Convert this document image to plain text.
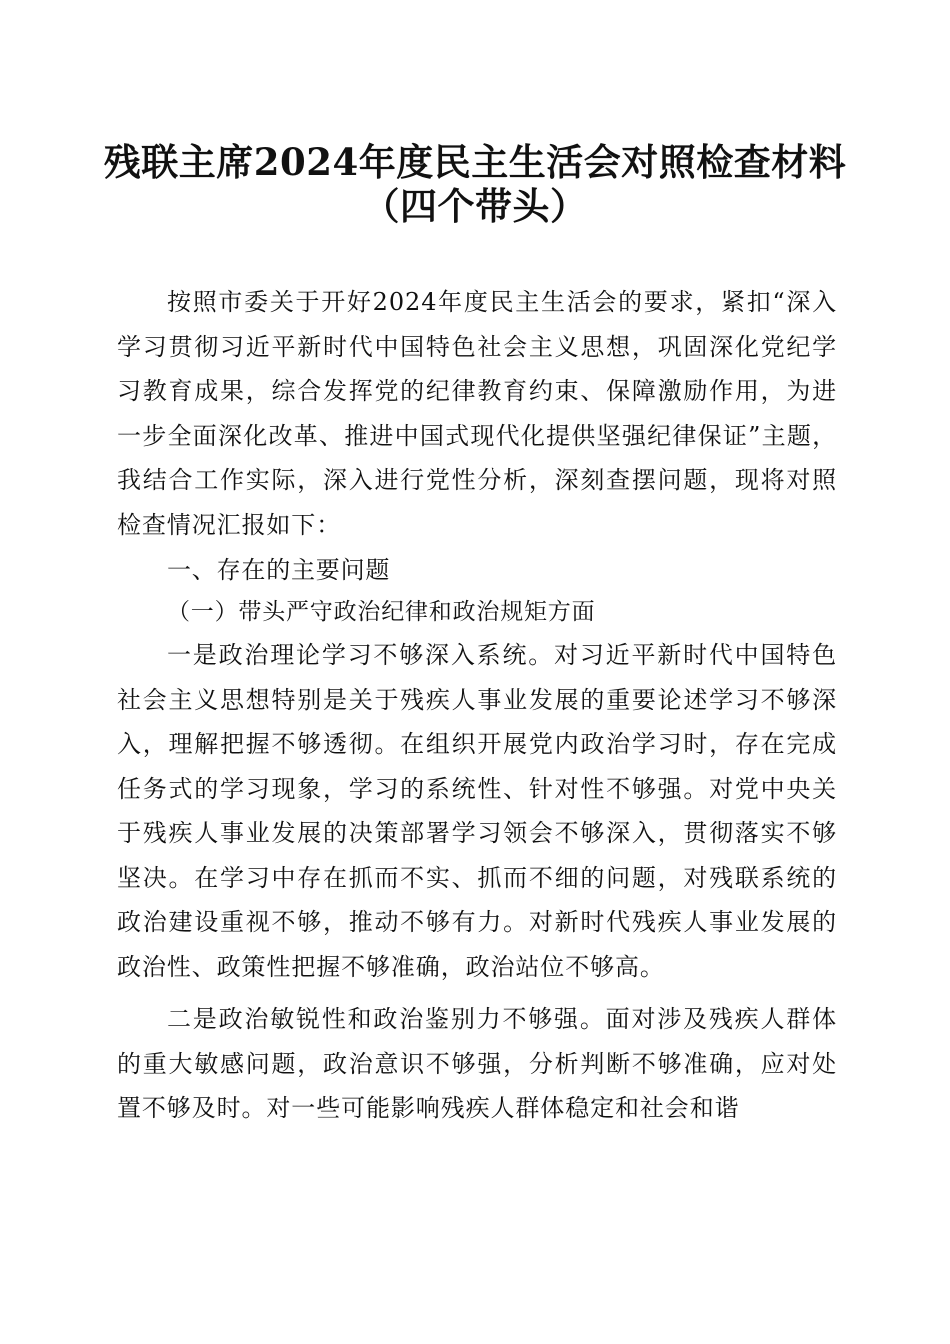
残联主席2024年度民主生活会对照检查材料
（四个带头）

按照市委关于开好2024年度民主生活会的要求，紧扣“深入学习贯彻习近平新时代中国特色社会主义思想，巩固深化党纪学习教育成果，综合发挥党的纪律教育约束、保障激励作用，为进一步全面深化改革、推进中国式现代化提供坚强纪律保证”主题，我结合工作实际，深入进行党性分析，深刻查摆问题，现将对照检查情况汇报如下：

一、存在的主要问题

（一）带头严守政治纪律和政治规矩方面

一是政治理论学习不够深入系统。对习近平新时代中国特色社会主义思想特别是关于残疾人事业发展的重要论述学习不够深入，理解把握不够透彻。在组织开展党内政治学习时，存在完成任务式的学习现象，学习的系统性、针对性不够强。对党中央关于残疾人事业发展的决策部署学习领会不够深入，贯彻落实不够坚决。在学习中存在抓而不实、抓而不细的问题，对残联系统的政治建设重视不够，推动不够有力。对新时代残疾人事业发展的政治性、政策性把握不够准确，政治站位不够高。

二是政治敏锐性和政治鉴别力不够强。面对涉及残疾人群体的重大敏感问题，政治意识不够强，分析判断不够准确，应对处置不够及时。对一些可能影响残疾人群体稳定和社会和谐
